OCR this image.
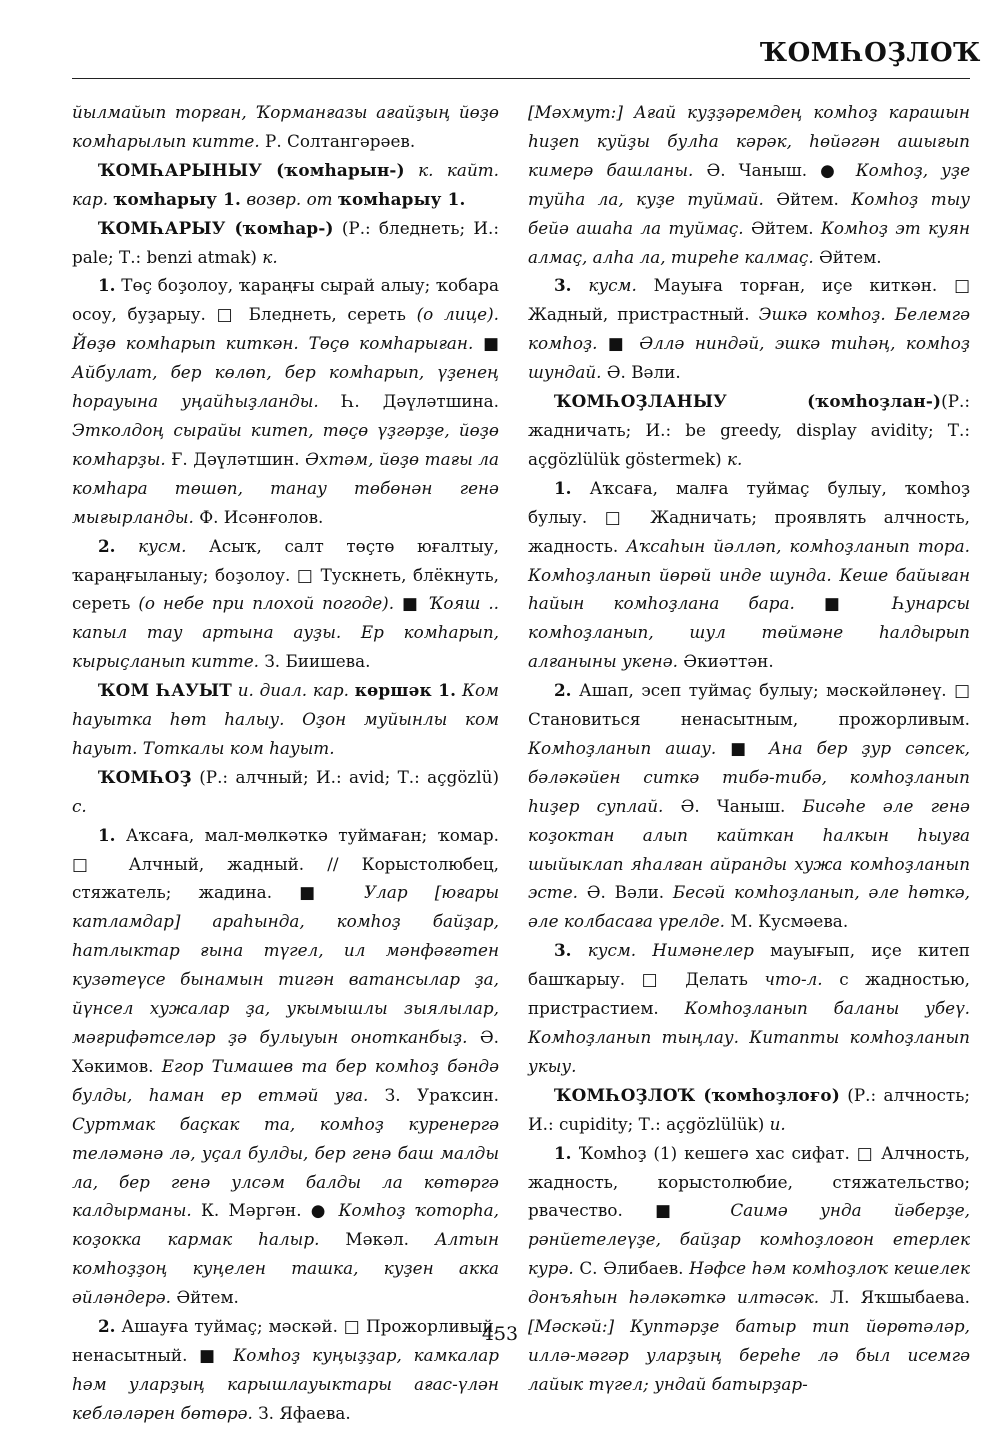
ҠОМҺОҘЛОҠ

йылмайып торған, Ҡорманғазы ағайҙың йөҙө комһарылып китте. Р. Солтангәрәев.

ҠОМҺАРЫНЫУ (ҡомһарын-) к. кайт. кар. ҡомһарыу 1. возвр. от ҡомһарыу 1.

ҠОМҺАРЫУ (ҡомһар-) (Р.: бледнеть; И.: pale; Т.: benzi atmak) к.

1. Төҫ боҙолоу, ҡараңғы сырай алыу; ҡобара осоу, буҙарыу. □ Бледнеть, сереть (о лице). Йөҙө комһарып киткән. Төҫө комһарыған. ■ Айбулат, бер көлөп, бер комһарып, үҙенең һорауына уңайһыҙланды. Һ. Дәүләтшина. Этколдоң сырайы китеп, төҫө үҙгәрҙе, йөҙө комһарҙы. Ғ. Дәүләтшин. Әхтәм, йөҙө тағы ла комһара төшөп, танау төбөнән генә мығырланды. Ф. Исәнғолов.

2. кусм. Асыҡ, салт төҫтө юғалтыу, ҡараңғыланыу; боҙолоу. □ Тускнеть, блёкнуть, сереть (о небе при плохой погоде). ■ Ҡояш .. капыл тау артына ауҙы. Ер комһарып, кырыҫланып китте. З. Биишева.

ҠОМ ҺАУЫТ и. диал. кар. көршәк 1. Ком һауытка һөт һалыу. Оҙон муйынлы ком һауыт. Тоткалы ком һауыт.

ҠОМҺОҘ (Р.: алчный; И.: avid; Т.: açgözlü) с.

1. Аҡсаға, мал-мөлкәткә туймаған; ҡомар. □ Алчный, жадный. // Корыстолюбец, стяжатель; жадина. ■ Улар [юғары катламдар] араһында, комһоҙ байҙар, һатлыктар ғына түгел, ил мәнфәғәтен кузәтеүсе бынамын тигән ватансылар ҙа, йүнсел хужалар ҙа, укымышлы зыялылар, мәғрифәтселәр ҙә булыуын онотканбыҙ. Ә. Хәкимов. Егор Тимашев та бер комһоҙ бәндә булды, һаман ер етмәй уға. З. Ураҡсин. Суртмак баҫкак та, комһоҙ куренергә теләмәнә лә, уҫал булды, бер генә баш малды ла, бер генә улсәм балды ла көтөргә калдырманы. К. Мәргән. ● Комһоҙ ҡоторһа, коҙокка кармак һалыр. Мәкәл. Алтын комһоҙҙоң куңелен ташка, куҙен акка әйләндерә. Әйтем.

2. Ашауға туймаҫ; мәскәй. □ Прожорливый, ненасытный. ■ Комһоҙ куңыҙҙар, камкалар һәм уларҙың карышлауыктары ағас-үлән кебләләрен бөтөрә. З. Яфаева.

[Мәхмут:] Ағай куҙҙәремдең комһоҙ карашын һиҙеп куйҙы булһа кәрәк, һөйәгән ашығып кимерә башланы. Ә. Чаныш. ● Комһоҙ, уҙе туйһа ла, куҙе туймай. Әйтем. Комһоҙ тыу бейә ашаһа ла туймаҫ. Әйтем. Комһоҙ эт куян алмаҫ, алһа ла, тиреһе калмаҫ. Әйтем.

3. кусм. Мауыға торған, иҫе киткән. □ Жадный, пристрастный. Эшкә комһоҙ. Белемгә комһоҙ. ■ Әллә ниндәй, эшкә тиһәң, комһоҙ шундай. Ә. Вәли.

ҠОМҺОҘЛАНЫУ (ҡомһоҙлан-)(Р.: жадничать; И.: be greedy, display avidity; Т.: açgözlülük göstermek) к.

1. Аҡсаға, малға туймаҫ булыу, ҡомһоҙ булыу. □ Жадничать; проявлять алчность, жадность. Аҡсаһын йәлләп, комһоҙланып тора. Комһоҙланып йөрөй инде шунда. Кеше байыған һайын комһоҙлана бара. ■ Һунарсы комһоҙланып, шул төймәне һалдырып алғаныны укенә. Әкиәттән.

2. Ашап, эсеп туймаҫ булыу; мәскәйләнеү. □ Становиться ненасытным, прожорливым. Комһоҙланып ашау. ■ Ана бер ҙур сәпсек, бәләкәйен ситкә тибә-тибә, комһоҙланып һиҙер суплай. Ә. Чаныш. Бисәһе әле генә коҙоктан алып кайткан һалкын һыуға шыйыклап яһалған айранды хужа комһоҙланып эсте. Ә. Вәли. Бесәй комһоҙланып, әле һөткә, әле колбасаға үрелде. М. Кусмәева.

3. кусм. Нимәнелер мауығып, иҫе китеп башҡарыу. □ Делать что-л. с жадностью, пристрастием. Комһоҙланып баланы убеү. Комһоҙланып тыңлау. Китапты комһоҙланып укыу.

ҠОМҺОҘЛОҠ (ҡомһоҙлоғо) (Р.: алчность; И.: cupidity; Т.: açgözlülük) и.

1. Ҡомһоҙ (1) кешегә хас сифат. □ Алчность, жадность, корыстолюбие, стяжательство; рвачество. ■ Саимә унда йәберҙе, рәнйетелеүҙе, байҙар комһоҙлоғон етерлек курә. С. Әлибаев. Нәфсе һәм комһоҙлоҡ кешелек донъяһын һәләкәткә илтәсәк. Л. Яҡшыбаева. [Мәскәй:] Куптәрҙе батыр тип йөрөтәләр, иллә-мәгәр уларҙың береһе лә был исемгә лайык түгел; ундай батырҙар-

453
